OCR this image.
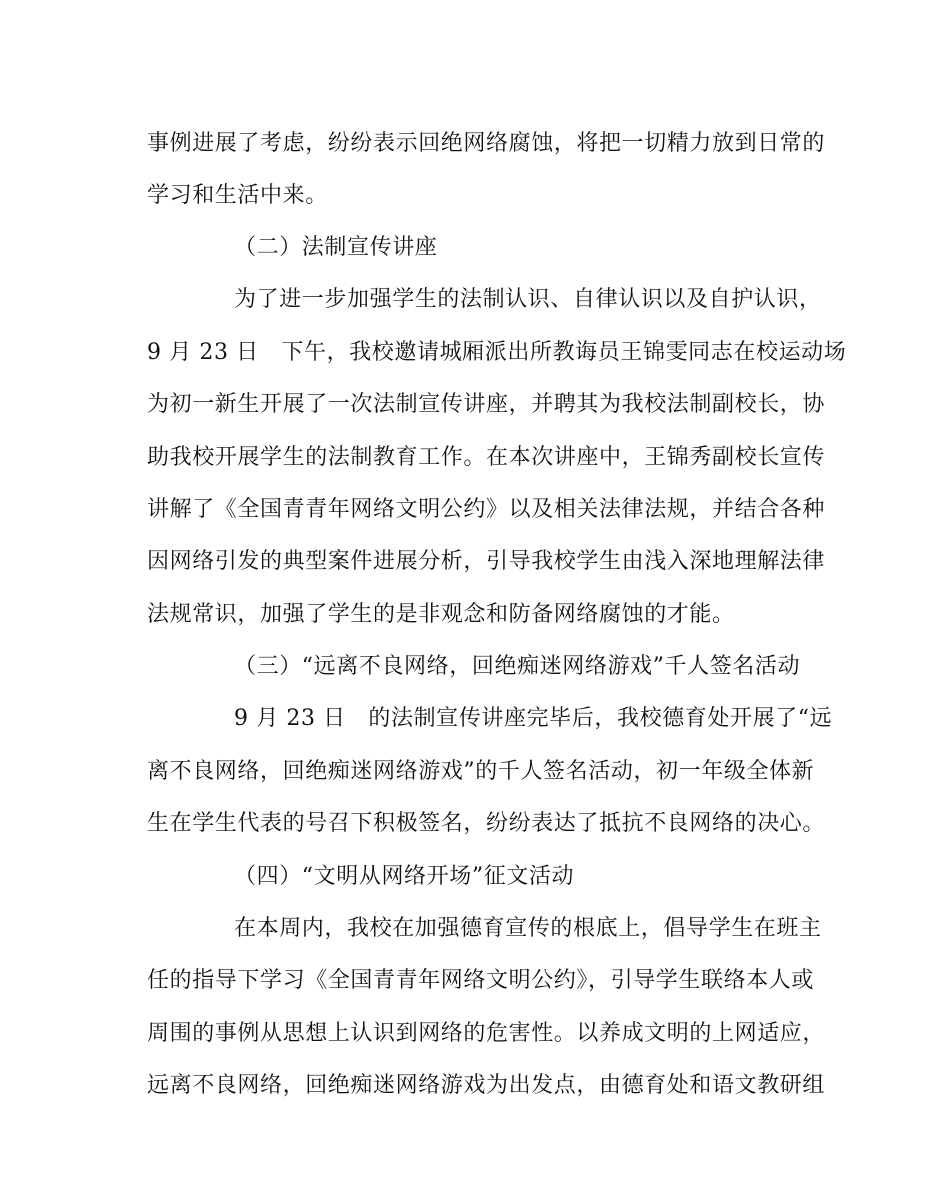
事例进展了考虑，纷纷表示回绝网络腐蚀，将把一切精力放到日常的
学习和生活中来。
（二）法制宣传讲座
为了进一步加强学生的法制认识、自律认识以及自护认识，
9 月 23 日　下午，我校邀请城厢派出所教诲员王锦雯同志在校运动场
为初一新生开展了一次法制宣传讲座，并聘其为我校法制副校长，协
助我校开展学生的法制教育工作。在本次讲座中，王锦秀副校长宣传
讲解了《全国青青年网络文明公约》以及相关法律法规，并结合各种
因网络引发的典型案件进展分析，引导我校学生由浅入深地理解法律
法规常识，加强了学生的是非观念和防备网络腐蚀的才能。
（三）“远离不良网络，回绝痴迷网络游戏”千人签名活动
9 月 23 日　的法制宣传讲座完毕后，我校德育处开展了“远
离不良网络，回绝痴迷网络游戏”的千人签名活动，初一年级全体新
生在学生代表的号召下积极签名，纷纷表达了抵抗不良网络的决心。
（四）“文明从网络开场”征文活动
在本周内，我校在加强德育宣传的根底上，倡导学生在班主
任的指导下学习《全国青青年网络文明公约》，引导学生联络本人或
周围的事例从思想上认识到网络的危害性。以养成文明的上网适应，
远离不良网络，回绝痴迷网络游戏为出发点，由德育处和语文教研组
